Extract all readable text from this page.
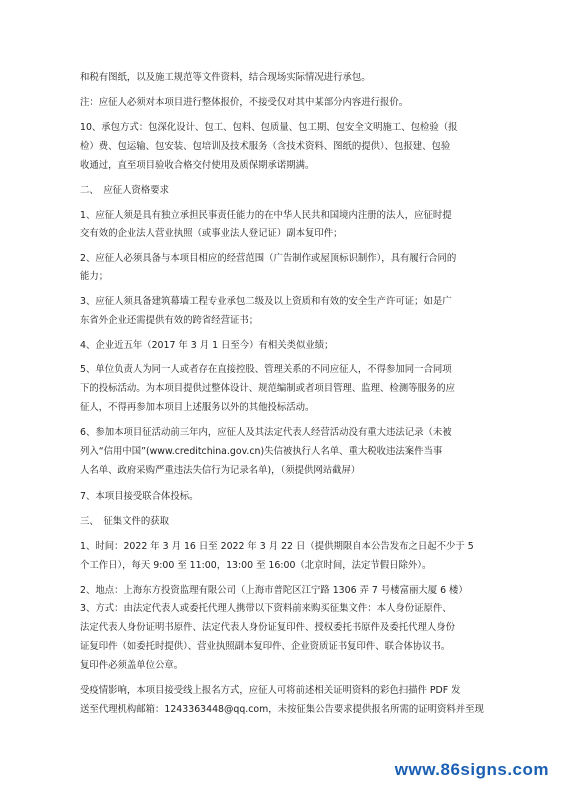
和税有图纸，以及施工规范等文件资料，结合现场实际情况进行承包。

注：应征人必须对本项目进行整体报价，不接受仅对其中某部分内容进行报价。

10、承包方式：包深化设计、包工、包料、包质量、包工期、包安全文明施工、包检验（报

检）费、包运输、包安装、包培训及技术服务（含技术资料、图纸的提供）、包报建、包验

收通过，直至项目验收合格交付使用及质保期承诺期满。

二、　应征人资格要求

1、应征人须是具有独立承担民事责任能力的在中华人民共和国境内注册的法人，应征时提

交有效的企业法人营业执照（或事业法人登记证）副本复印件；

2、应征人必须具备与本项目相应的经营范围（广告制作或屋顶标识制作），具有履行合同的

能力；

3、应征人须具备建筑幕墙工程专业承包二级及以上资质和有效的安全生产许可证；如是广

东省外企业还需提供有效的跨省经营证书；

4、企业近五年（2017 年 3 月 1 日至今）有相关类似业绩；

5、单位负责人为同一人或者存在直接控股、管理关系的不同应征人，不得参加同一合同项

下的投标活动。为本项目提供过整体设计、规范编制或者项目管理、监理、检测等服务的应

征人，不得再参加本项目上述服务以外的其他投标活动。

6、参加本项目征活动前三年内，应征人及其法定代表人经营活动没有重大违法记录（未被

列入“信用中国”(www.creditchina.gov.cn)失信被执行人名单、重大税收违法案件当事

人名单、政府采购严重违法失信行为记录名单)，（须提供网站截屏）

7、本项目接受联合体投标。

三、　征集文件的获取

1、时间：2022 年 3 月 16 日至 2022 年 3 月 22 日（提供期限自本公告发布之日起不少于 5

个工作日），每天 9:00 至 11:00，13:00 至 16:00（北京时间，法定节假日除外）。

2、地点：上海东方投资监理有限公司（上海市普陀区江宁路 1306 弄 7 号楼富丽大厦 6 楼）

3、方式：由法定代表人或委托代理人携带以下资料前来购买征集文件：本人身份证原件、

法定代表人身份证明书原件、法定代表人身份证复印件、授权委托书原件及委托代理人身份

证复印件（如委托时提供）、营业执照副本复印件、企业资质证书复印件、联合体协议书。

复印件必须盖单位公章。

受疫情影响，本项目接受线上报名方式，应征人可将前述相关证明资料的彩色扫描件 PDF 发

送至代理机构邮箱：1243363448@qq.com，未按征集公告要求提供报名所需的证明资料并至现

www.86signs.com
